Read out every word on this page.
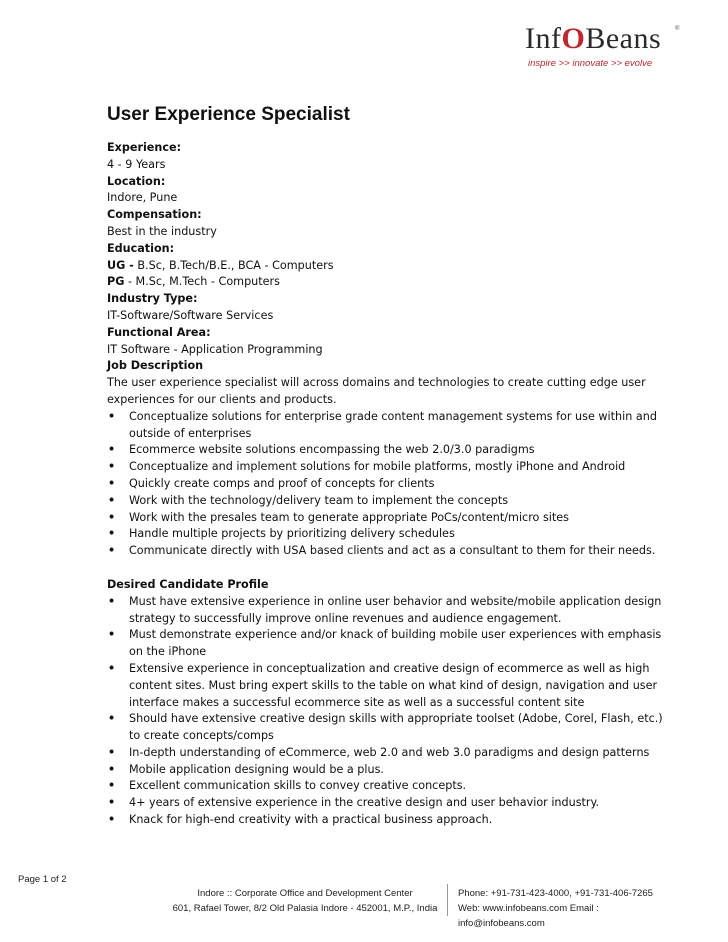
InfOBeans ®
inspire >> innovate >> evolve
User Experience Specialist
Experience:
4 - 9 Years
Location:
Indore, Pune
Compensation:
Best in the industry
Education:
UG - B.Sc, B.Tech/B.E., BCA - Computers
PG - M.Sc, M.Tech - Computers
Industry Type:
IT-Software/Software Services
Functional Area:
IT Software - Application Programming
Job Description
The user experience specialist will across domains and technologies to create cutting edge user experiences for our clients and products.
• Conceptualize solutions for enterprise grade content management systems for use within and outside of enterprises
• Ecommerce website solutions encompassing the web 2.0/3.0 paradigms
• Conceptualize and implement solutions for mobile platforms, mostly iPhone and Android
• Quickly create comps and proof of concepts for clients
• Work with the technology/delivery team to implement the concepts
• Work with the presales team to generate appropriate PoCs/content/micro sites
• Handle multiple projects by prioritizing delivery schedules
• Communicate directly with USA based clients and act as a consultant to them for their needs.
Desired Candidate Profile
• Must have extensive experience in online user behavior and website/mobile application design strategy to successfully improve online revenues and audience engagement.
• Must demonstrate experience and/or knack of building mobile user experiences with emphasis on the iPhone
• Extensive experience in conceptualization and creative design of ecommerce as well as high content sites. Must bring expert skills to the table on what kind of design, navigation and user interface makes a successful ecommerce site as well as a successful content site
• Should have extensive creative design skills with appropriate toolset (Adobe, Corel, Flash, etc.) to create concepts/comps
• In-depth understanding of eCommerce, web 2.0 and web 3.0 paradigms and design patterns
• Mobile application designing would be a plus.
• Excellent communication skills to convey creative concepts.
• 4+ years of extensive experience in the creative design and user behavior industry.
• Knack for high-end creativity with a practical business approach.
Page 1 of 2
Indore :: Corporate Office and Development Center
601, Rafael Tower, 8/2 Old Palasia Indore - 452001, M.P., India
Phone: +91-731-423-4000, +91-731-406-7265
Web: www.infobeans.com Email : info@infobeans.com
